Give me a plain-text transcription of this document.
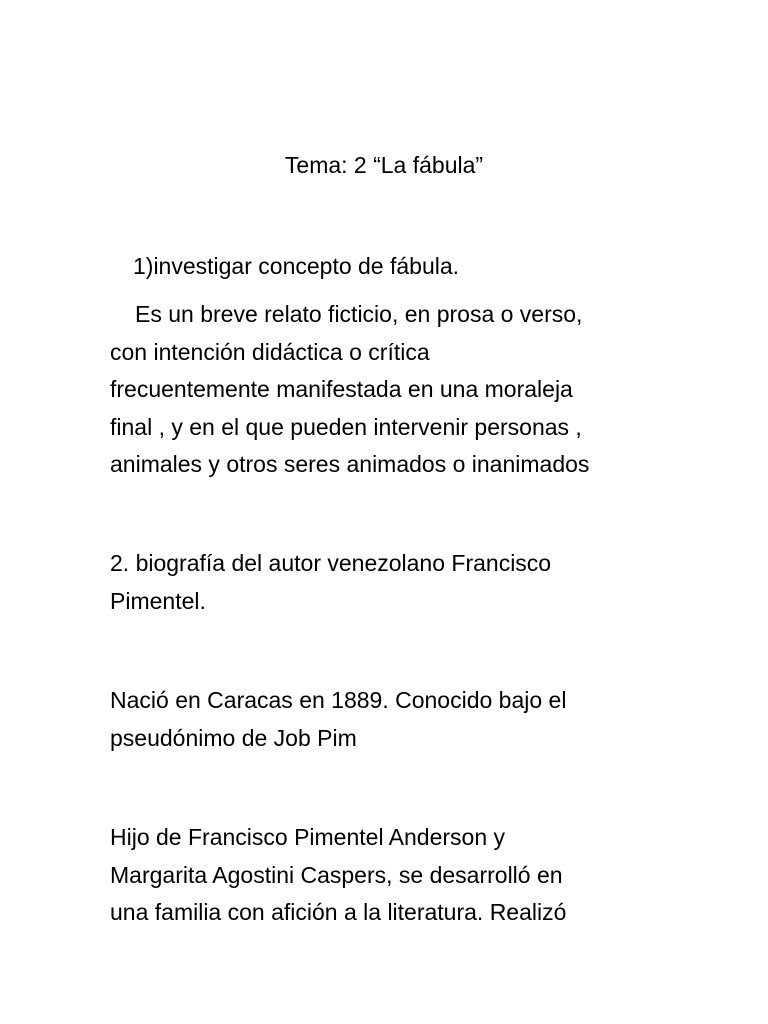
Tema: 2 “La fábula”
1)investigar concepto de fábula.
Es un breve relato ficticio, en prosa o verso,
con intención didáctica o crítica
frecuentemente manifestada en una moraleja
final , y en el que pueden intervenir personas ,
animales y otros seres animados o inanimados
2. biografía del autor venezolano Francisco
Pimentel.
Nació en Caracas en 1889. Conocido bajo el
pseudónimo de Job Pim
Hijo de Francisco Pimentel Anderson y
Margarita Agostini Caspers, se desarrolló en
una familia con afición a la literatura. Realizó
